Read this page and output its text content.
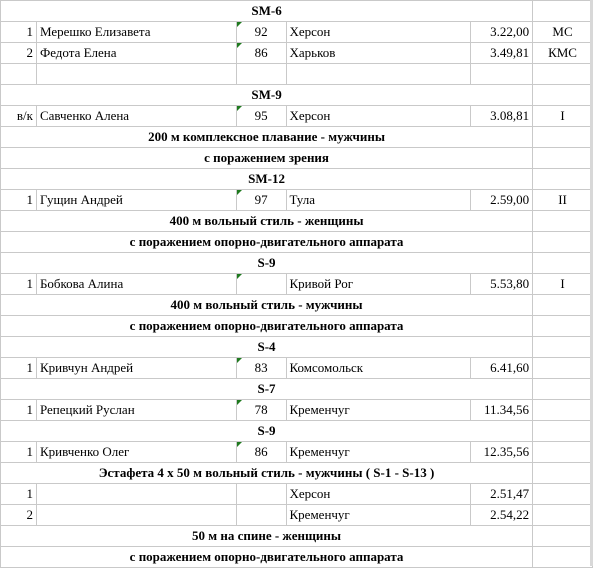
SM-6					
1	Мерешко Елизавета	92	Херсон	3.22,00	МС
2	Федота Елена	86	Харьков	3.49,81	КМС

SM-9					
в/к	Савченко Алена	95	Херсон	3.08,81	I
200 м комплексное плавание - мужчины					
с поражением зрения					
SM-12					
1	Гущин Андрей	97	Тула	2.59,00	II
400 м вольный стиль - женщины					
с поражением опорно-двигательного аппарата					
S-9					
1	Бобкова Алина		Кривой Рог	5.53,80	I
400 м вольный стиль - мужчины					
с поражением опорно-двигательного аппарата					
S-4					
1	Кривчун Андрей	83	Комсомольск	6.41,60	
S-7					
1	Репецкий Руслан	78	Кременчуг	11.34,56	
S-9					
1	Кривченко Олег	86	Кременчуг	12.35,56	
Эстафета 4 х 50 м вольный стиль - мужчины ( S-1 - S-13 )					
1			Херсон	2.51,47	
2			Кременчуг	2.54,22	
50 м на спине - женщины					
с поражением опорно-двигательного аппарата					
